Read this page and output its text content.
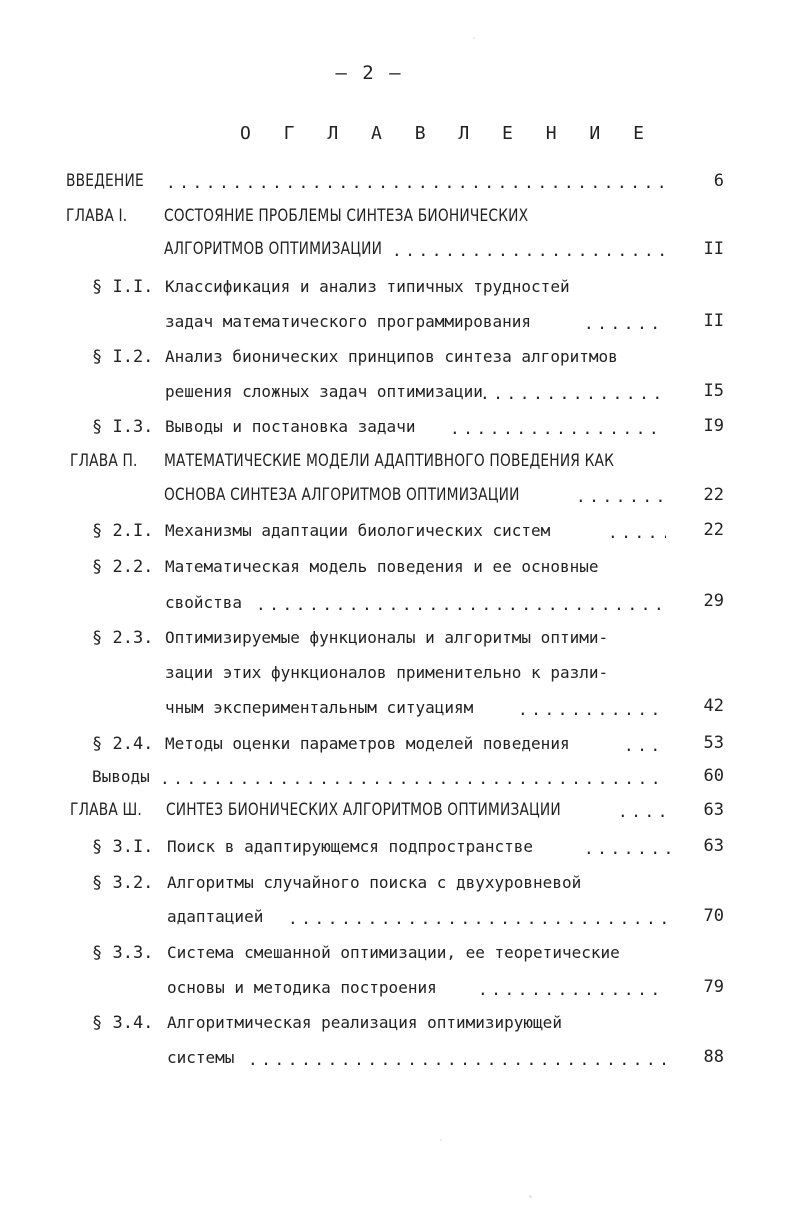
– 2 –
О Г Л А В Л Е Н И Е
ВВЕДЕНИЕ . . .	6
ГЛАВА I. СОСТОЯНИЕ ПРОБЛЕМЫ СИНТЕЗА БИОНИЧЕСКИХ
АЛГОРИТМОВ ОПТИМИЗАЦИИ . . .	II
§ I.I. Классификация и анализ типичных трудностей
задач математического программирования . . .	II
§ I.2. Анализ бионических принципов синтеза алгоритмов
решения сложных задач оптимизации . . .	I5
§ I.3. Выводы и постановка задачи . . .	I9
ГЛАВА П. МАТЕМАТИЧЕСКИЕ МОДЕЛИ АДАПТИВНОГО ПОВЕДЕНИЯ КАК
ОСНОВА СИНТЕЗА АЛГОРИТМОВ ОПТИМИЗАЦИИ . . .	22
§ 2.I. Механизмы адаптации биологических систем . . .	22
§ 2.2. Математическая модель поведения и ее основные
свойства . . .	29
§ 2.3. Оптимизируемые функционалы и алгоритмы оптими-
зации этих функционалов применительно к разли-
чным экспериментальным ситуациям . . .	42
§ 2.4. Методы оценки параметров моделей поведения . . .	53
Выводы . . .	60
ГЛАВА Ш. СИНТЕЗ БИОНИЧЕСКИХ АЛГОРИТМОВ ОПТИМИЗАЦИИ . . .	63
§ 3.I. Поиск в адаптирующемся подпространстве . . .	63
§ 3.2. Алгоритмы случайного поиска с двухуровневой
адаптацией . . .	70
§ 3.3. Система смешанной оптимизации, ее теоретические
основы и методика построения . . .	79
§ 3.4. Алгоритмическая реализация оптимизирующей
системы . . .	88
